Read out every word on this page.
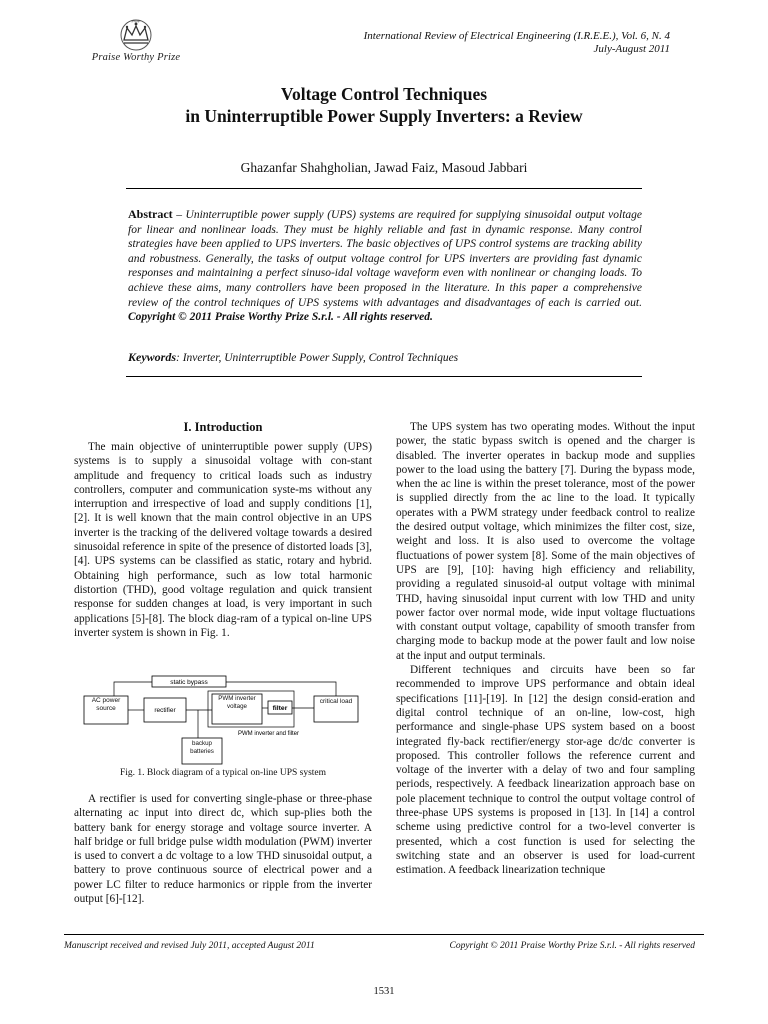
PWP
Praise Worthy Prize
International Review of Electrical Engineering (I.R.E.E.), Vol. 6, N. 4
July-August 2011
Voltage Control Techniques
in Uninterruptible Power Supply Inverters: a Review
Ghazanfar Shahgholian, Jawad Faiz, Masoud Jabbari
Abstract – Uninterruptible power supply (UPS) systems are required for supplying sinusoidal output voltage for linear and nonlinear loads. They must be highly reliable and fast in dynamic response. Many control strategies have been applied to UPS inverters. The basic objectives of UPS control systems are tracking ability and robustness. Generally, the tasks of output voltage control for UPS inverters are providing fast dynamic responses and maintaining a perfect sinuso-idal voltage waveform even with nonlinear or changing loads. To achieve these aims, many controllers have been proposed in the literature. In this paper a comprehensive review of the control techniques of UPS systems with advantages and disadvantages of each is carried out. Copyright © 2011 Praise Worthy Prize S.r.l. - All rights reserved.
Keywords: Inverter, Uninterruptible Power Supply, Control Techniques
I. Introduction

The main objective of uninterruptible power supply (UPS) systems is to supply a sinusoidal voltage with con-stant amplitude and frequency to critical loads such as industry controllers, computer and communication syste-ms without any interruption and irrespective of load and supply conditions [1], [2]. It is well known that the main control objective in an UPS inverter is the tracking of the delivered voltage towards a desired sinusoidal reference in spite of the presence of distorted loads [3], [4]. UPS systems can be classified as static, rotary and hybrid. Obtaining high performance, such as low total harmonic distortion (THD), good voltage regulation and quick transient response for sudden changes at load, is very important in such applications [5]-[8]. The block diag-ram of a typical on-line UPS inverter system is shown in Fig. 1.

static bypass
AC power source	rectifier
PWM inverter voltage	filter
critical load
PWM inverter and filter
backup batteries
Fig. 1. Block diagram of a typical on-line UPS system

A rectifier is used for converting single-phase or three-phase alternating ac input into direct dc, which sup-plies both the battery bank for energy storage and voltage source inverter. A half bridge or full bridge pulse width modulation (PWM) inverter is used to convert a dc voltage to a low THD sinusoidal output, a battery to prove continuous source of electrical power and a power LC filter to reduce harmonics or ripple from the inverter output [6]-[12].

The UPS system has two operating modes. Without the input power, the static bypass switch is opened and the charger is disabled. The inverter operates in backup mode and supplies power to the load using the battery [7]. During the bypass mode, when the ac line is within the preset tolerance, most of the power is supplied directly from the ac line to the load. It typically operates with a PWM strategy under feedback control to realize the desired output voltage, which minimizes the filter cost, size, weight and loss. It is also used to overcome the voltage fluctuations of power system [8]. Some of the main objectives of UPS are [9], [10]: having high efficiency and reliability, providing a regulated sinusoid-al output voltage with minimal THD, having sinusoidal input current with low THD and unity power factor over normal mode, wide input voltage fluctuations with constant output voltage, capability of smooth transfer from charging mode to backup mode at the power fault and low noise at the input and output terminals.

Different techniques and circuits have been so far recommended to improve UPS performance and obtain ideal specifications [11]-[19]. In [12] the design consid-eration and digital control technique of an on-line, low-cost, high performance and single-phase UPS system based on a boost integrated fly-back rectifier/energy stor-age dc/dc converter is proposed. This controller follows the reference current and voltage of the inverter with a delay of two and four sampling periods, respectively. A feedback linearization approach base on pole placement technique to control the output voltage control of three-phase UPS systems is proposed in [13]. In [14] a control scheme using predictive control for a two-level converter is presented, which a cost function is used for selecting the switching state and an observer is used for load-current estimation. A feedback linearization technique

Manuscript received and revised July 2011, accepted August 2011	Copyright © 2011 Praise Worthy Prize S.r.l. - All rights reserved
1531
